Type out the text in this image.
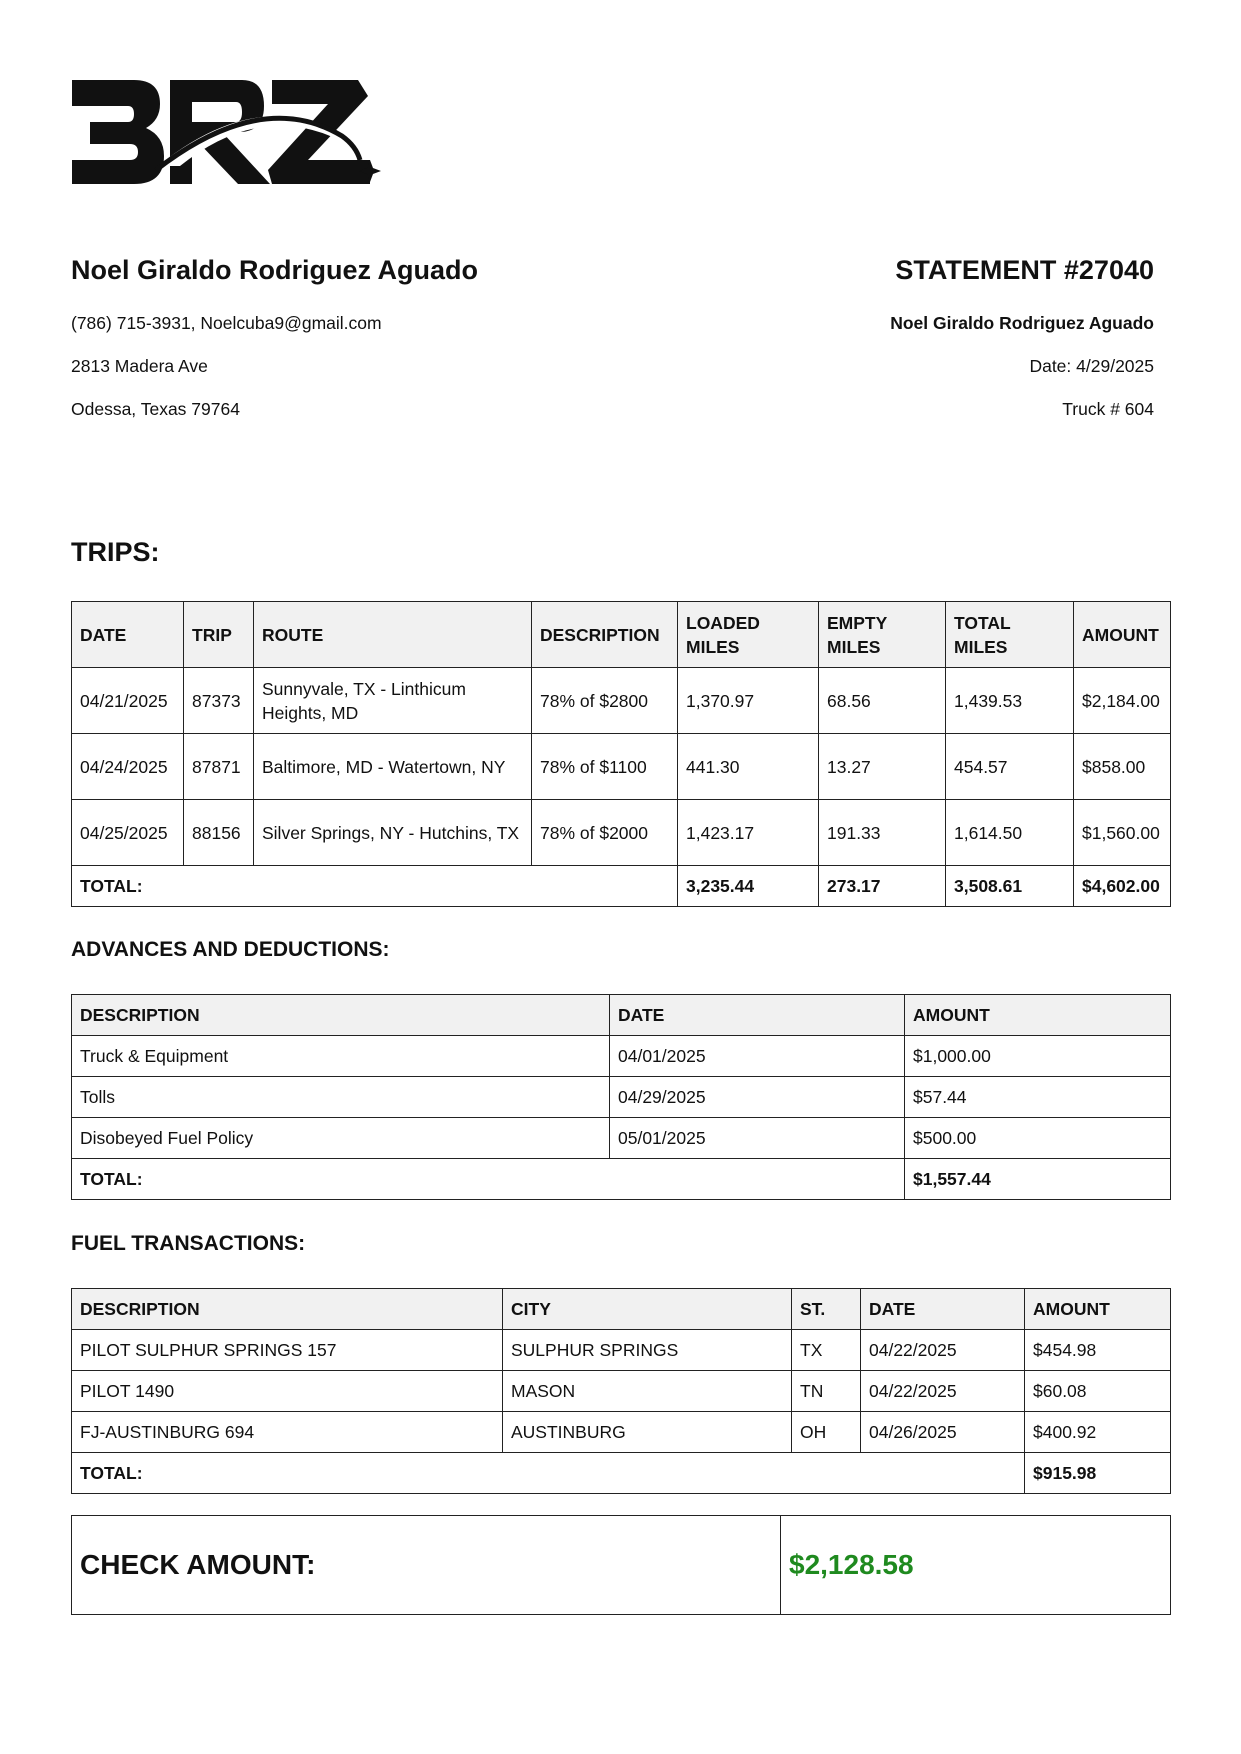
Noel Giraldo Rodriguez Aguado
(786) 715-3931, Noelcuba9@gmail.com
2813 Madera Ave
Odessa, Texas 79764
STATEMENT #27040
Noel Giraldo Rodriguez Aguado
Date: 4/29/2025
Truck # 604
TRIPS:
DATE	TRIP	ROUTE	DESCRIPTION	LOADED MILES	EMPTY MILES	TOTAL MILES	AMOUNT
04/21/2025	87373	Sunnyvale, TX - Linthicum Heights, MD	78% of $2800	1,370.97	68.56	1,439.53	$2,184.00
04/24/2025	87871	Baltimore, MD - Watertown, NY	78% of $1100	441.30	13.27	454.57	$858.00
04/25/2025	88156	Silver Springs, NY - Hutchins, TX	78% of $2000	1,423.17	191.33	1,614.50	$1,560.00
TOTAL:				3,235.44	273.17	3,508.61	$4,602.00
ADVANCES AND DEDUCTIONS:
DESCRIPTION	DATE	AMOUNT
Truck & Equipment	04/01/2025	$1,000.00
Tolls	04/29/2025	$57.44
Disobeyed Fuel Policy	05/01/2025	$500.00
TOTAL:		$1,557.44
FUEL TRANSACTIONS:
DESCRIPTION	CITY	ST.	DATE	AMOUNT
PILOT SULPHUR SPRINGS 157	SULPHUR SPRINGS	TX	04/22/2025	$454.98
PILOT 1490	MASON	TN	04/22/2025	$60.08
FJ-AUSTINBURG 694	AUSTINBURG	OH	04/26/2025	$400.92
TOTAL:				$915.98
CHECK AMOUNT:	$2,128.58
